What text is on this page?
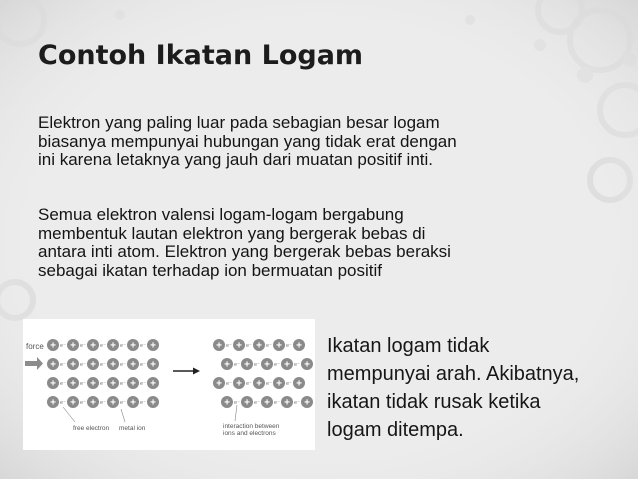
Contoh Ikatan Logam

Elektron yang paling luar pada sebagian besar logam
biasanya mempunyai hubungan yang tidak erat dengan
ini karena letaknya yang jauh dari muatan positif inti.

Semua elektron valensi logam-logam bergabung
membentuk lautan elektron yang bergerak bebas di
antara inti atom. Elektron yang bergerak bebas beraksi
sebagai ikatan terhadap ion bermuatan positif

+ e⁻ + e⁻ + e⁻ + e⁻ + e⁻ +
+ e⁻ + e⁻ + e⁻ + e⁻ + e⁻ +
+ e⁻ + e⁻ + e⁻ + e⁻ + e⁻ +
+ e⁻ + e⁻ + e⁻ + e⁻ + e⁻ +
+ e⁻ + e⁻ + e⁻ + e⁻ +
+ e⁻ + e⁻ + e⁻ + e⁻ +
+ e⁻ + e⁻ + e⁻ + e⁻ +
+ e⁻ + e⁻ + e⁻ + e⁻ +
force
free electron metal ion	interaction between
ions and electrons

Ikatan logam tidak
mempunyai arah. Akibatnya,
ikatan tidak rusak ketika
logam ditempa.
